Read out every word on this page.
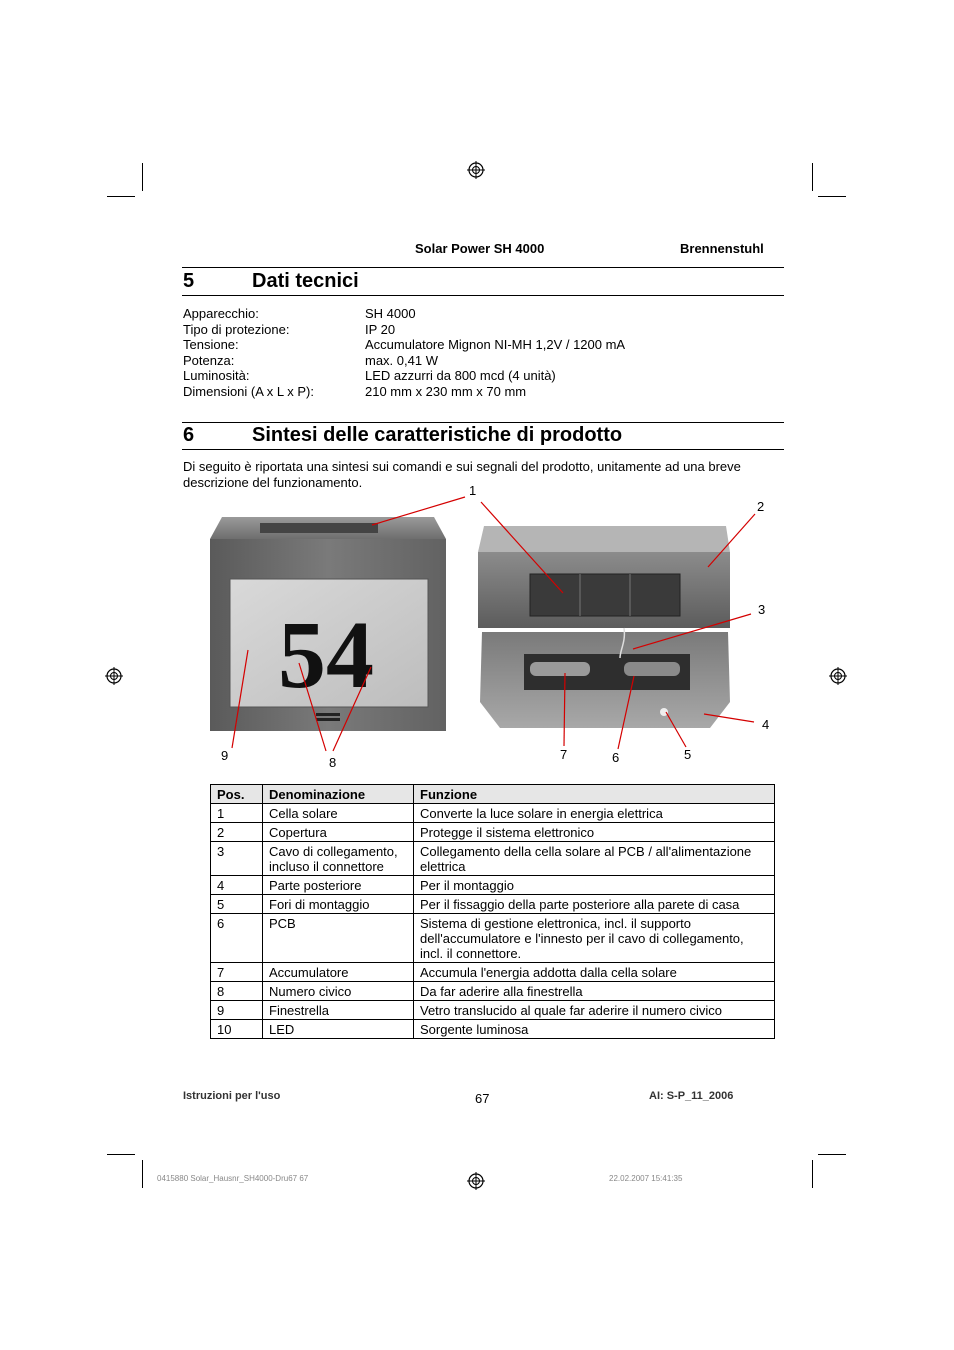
Solar Power SH 4000	Brennenstuhl
5	Dati tecnici
Apparecchio:	SH 4000
Tipo di protezione:	IP 20
Tensione:	Accumulatore Mignon NI-MH 1,2V / 1200 mA
Potenza:	max. 0,41 W
Luminosità:	LED azzurri da 800 mcd (4 unità)
Dimensioni (A x L x P):	210 mm x 230 mm x 70 mm
6	Sintesi delle caratteristiche di prodotto
Di seguito è riportata una sintesi sui comandi e sui segnali del prodotto, unitamente ad una breve descrizione del funzionamento.
54
1
2
3
4
5
6
7
8
9
Pos.	Denominazione	Funzione
1	Cella solare	Converte la luce solare in energia elettrica
2	Copertura	Protegge il sistema elettronico
3	Cavo di collegamento, incluso il connettore	Collegamento della cella solare al PCB / all'alimentazione elettrica
4	Parte posteriore	Per il montaggio
5	Fori di montaggio	Per il fissaggio della parte posteriore alla parete di casa
6	PCB	Sistema di gestione elettronica, incl. il supporto dell'accumulatore e l'innesto per il cavo di collegamento, incl. il connettore.
7	Accumulatore	Accumula l'energia addotta dalla cella solare
8	Numero civico	Da far aderire alla finestrella
9	Finestrella	Vetro translucido al quale far aderire il numero civico
10	LED	Sorgente luminosa
Istruzioni per l'uso	67	AI: S-P_11_2006
0415880 Solar_Hausnr_SH4000-Dru67 67	22.02.2007 15:41:35
